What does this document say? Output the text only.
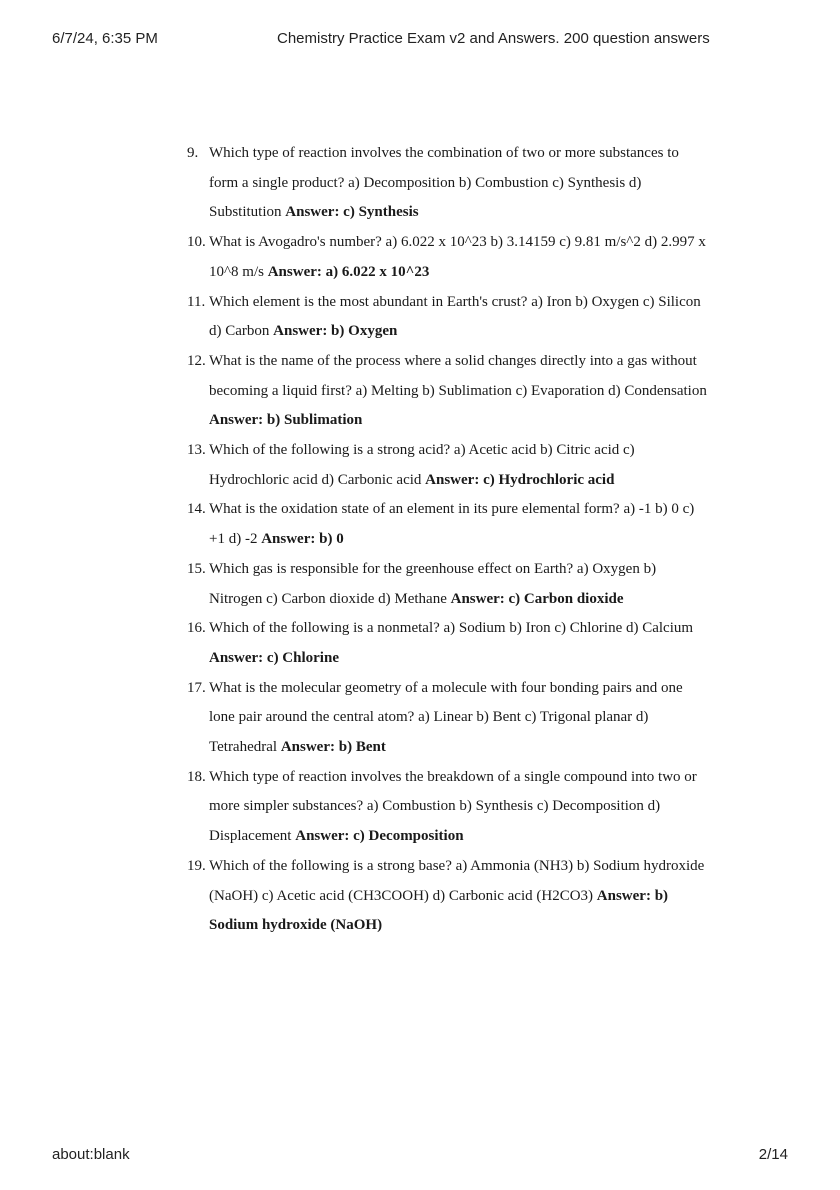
6/7/24, 6:35 PM	Chemistry Practice Exam v2 and Answers. 200 question answers
9. Which type of reaction involves the combination of two or more substances to form a single product? a) Decomposition b) Combustion c) Synthesis d) Substitution Answer: c) Synthesis
10. What is Avogadro's number? a) 6.022 x 10^23 b) 3.14159 c) 9.81 m/s^2 d) 2.997 x 10^8 m/s Answer: a) 6.022 x 10^23
11. Which element is the most abundant in Earth's crust? a) Iron b) Oxygen c) Silicon d) Carbon Answer: b) Oxygen
12. What is the name of the process where a solid changes directly into a gas without becoming a liquid first? a) Melting b) Sublimation c) Evaporation d) Condensation Answer: b) Sublimation
13. Which of the following is a strong acid? a) Acetic acid b) Citric acid c) Hydrochloric acid d) Carbonic acid Answer: c) Hydrochloric acid
14. What is the oxidation state of an element in its pure elemental form? a) -1 b) 0 c) +1 d) -2 Answer: b) 0
15. Which gas is responsible for the greenhouse effect on Earth? a) Oxygen b) Nitrogen c) Carbon dioxide d) Methane Answer: c) Carbon dioxide
16. Which of the following is a nonmetal? a) Sodium b) Iron c) Chlorine d) Calcium Answer: c) Chlorine
17. What is the molecular geometry of a molecule with four bonding pairs and one lone pair around the central atom? a) Linear b) Bent c) Trigonal planar d) Tetrahedral Answer: b) Bent
18. Which type of reaction involves the breakdown of a single compound into two or more simpler substances? a) Combustion b) Synthesis c) Decomposition d) Displacement Answer: c) Decomposition
19. Which of the following is a strong base? a) Ammonia (NH3) b) Sodium hydroxide (NaOH) c) Acetic acid (CH3COOH) d) Carbonic acid (H2CO3) Answer: b) Sodium hydroxide (NaOH)
about:blank	2/14
